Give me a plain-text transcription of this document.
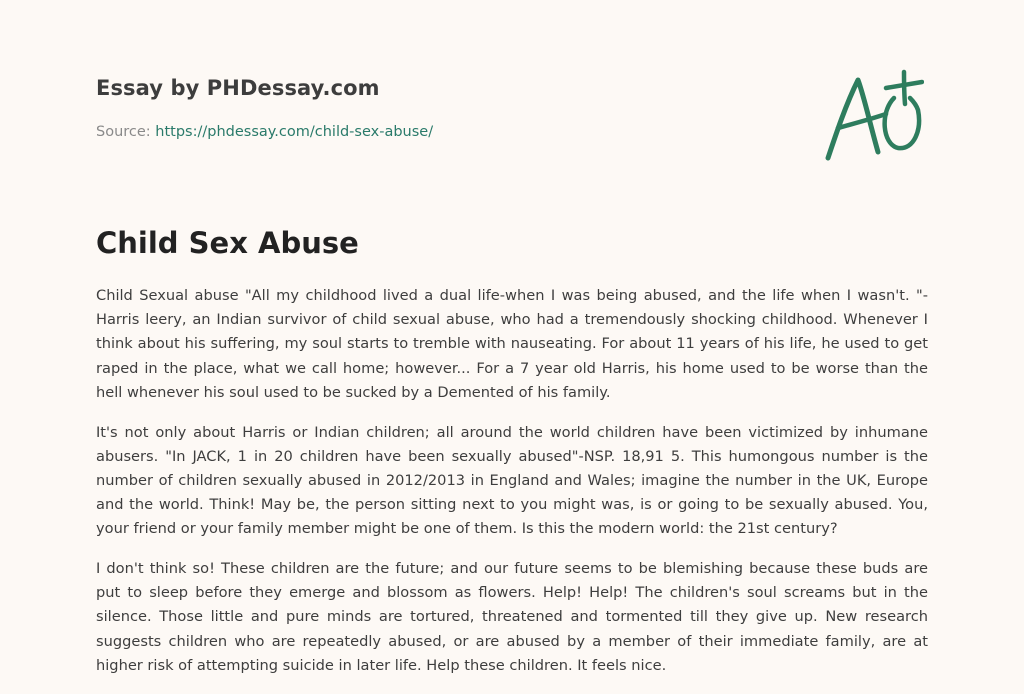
Essay by PHDessay.com
Source: https://phdessay.com/child-sex-abuse/
Child Sex Abuse

Child Sexual abuse "All my childhood lived a dual life-when I was being abused, and the life when I wasn't. "- Harris leery, an Indian survivor of child sexual abuse, who had a tremendously shocking childhood. Whenever I think about his suffering, my soul starts to tremble with nauseating. For about 11 years of his life, he used to get raped in the place, what we call home; however... For a 7 year old Harris, his home used to be worse than the hell whenever his soul used to be sucked by a Demented of his family.

It's not only about Harris or Indian children; all around the world children have been victimized by inhumane abusers. "In JACK, 1 in 20 children have been sexually abused"-NSP. 18,91 5. This humongous number is the number of children sexually abused in 2012/2013 in England and Wales; imagine the number in the UK, Europe and the world. Think! May be, the person sitting next to you might was, is or going to be sexually abused. You, your friend or your family member might be one of them. Is this the modern world: the 21st century?

I don't think so! These children are the future; and our future seems to be blemishing because these buds are put to sleep before they emerge and blossom as flowers. Help! Help! The children's soul screams but in the silence. Those little and pure minds are tortured, threatened and tormented till they give up. New research suggests children who are repeatedly abused, or are abused by a member of their immediate family, are at higher risk of attempting suicide in later life. Help these children. It feels nice.
